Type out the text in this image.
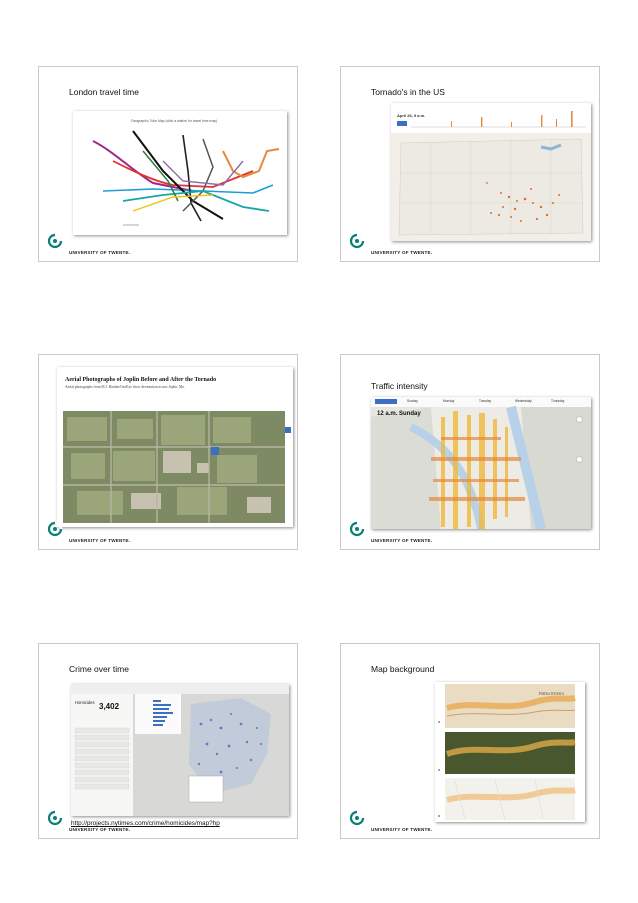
London travel time
Geographic Tube Map (click a station for travel time map)
UNIVERSITY OF TWENTE.
Tornado's in the US
April 26, 9 a.m.
UNIVERSITY OF TWENTE.
Aerial Photographs of Joplin Before and After the Tornado
Aerial photographs from M.J. Harden/GeoEye show devastation across Joplin, Mo.
UNIVERSITY OF TWENTE.
Traffic intensity
Sunday	Monday	Tuesday	Wednesday	Thursday
12 a.m. Sunday
UNIVERSITY OF TWENTE.
Crime over time
Homicides 3,402
http://projects.nytimes.com/crime/homicides/map?hp
UNIVERSITY OF TWENTE.
Map background
PARTof RUSSIA
UNIVERSITY OF TWENTE.
